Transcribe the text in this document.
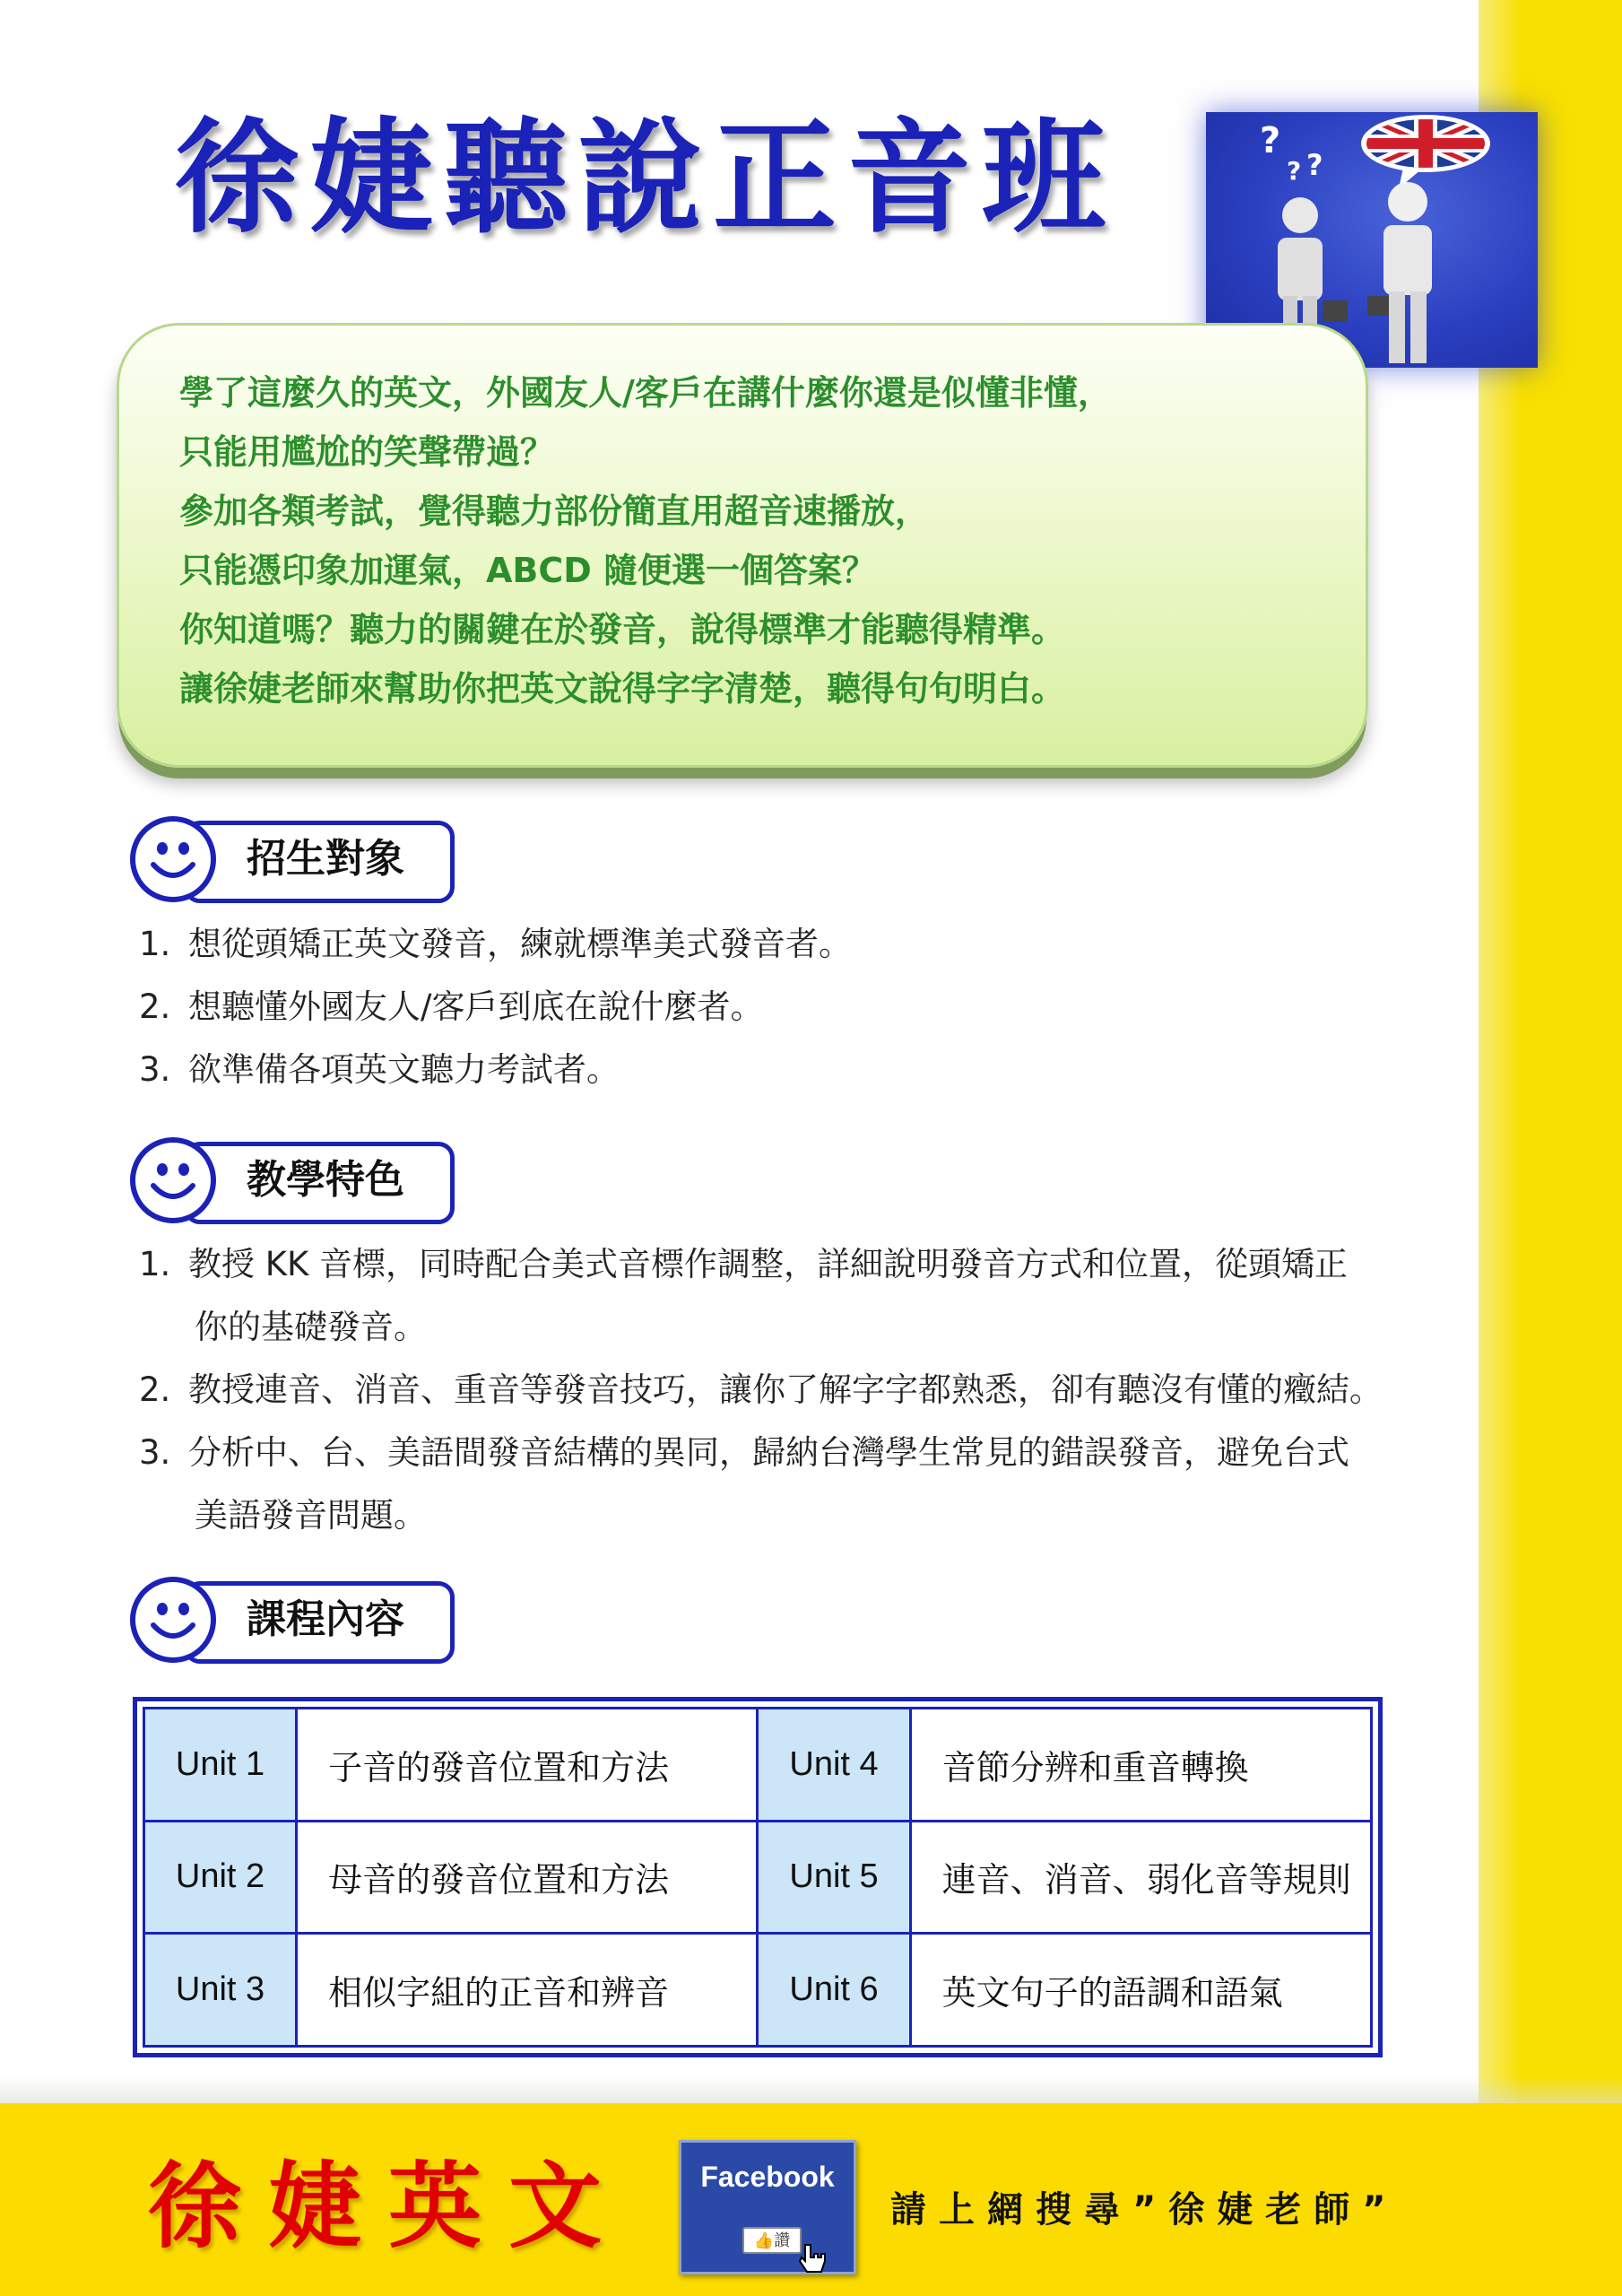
徐婕聽說正音班	?
? ?
學了這麼久的英文，外國友人/客戶在講什麼你還是似懂非懂，
只能用尷尬的笑聲帶過？
參加各類考試，覺得聽力部份簡直用超音速播放，
只能憑印象加運氣，ABCD 隨便選一個答案？
你知道嗎？聽力的關鍵在於發音，說得標準才能聽得精準。
讓徐婕老師來幫助你把英文說得字字清楚，聽得句句明白。
招生對象
1. 想從頭矯正英文發音，練就標準美式發音者。
2. 想聽懂外國友人/客戶到底在說什麼者。
3. 欲準備各項英文聽力考試者。
教學特色
1. 教授 KK 音標，同時配合美式音標作調整，詳細說明發音方式和位置，從頭矯正
你的基礎發音。
2. 教授連音、消音、重音等發音技巧，讓你了解字字都熟悉，卻有聽沒有懂的癥結。
3. 分析中、台、美語間發音結構的異同，歸納台灣學生常見的錯誤發音，避免台式
美語發音問題。
課程內容
Unit 1	子音的發音位置和方法	Unit 4	音節分辨和重音轉換
Unit 2	母音的發音位置和方法	Unit 5	連音、消音、弱化音等規則
Unit 3	相似字組的正音和辨音	Unit 6	英文句子的語調和語氣
徐婕英文	Facebook
👍讚
請上網搜尋”徐婕老師”
